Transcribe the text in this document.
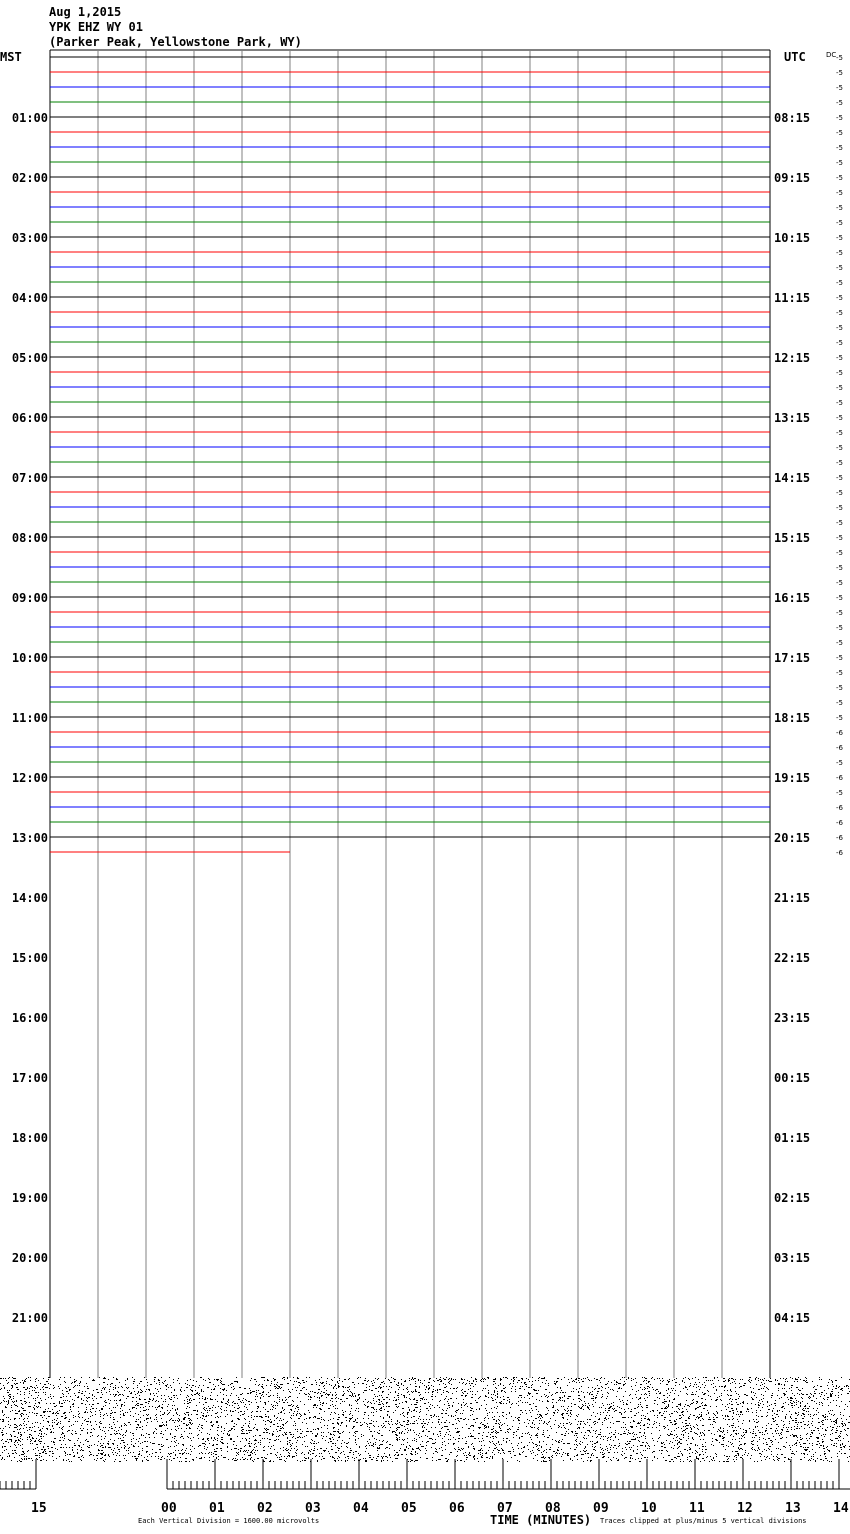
Aug 1,2015
YPK EHZ WY 01
(Parker Peak, Yellowstone Park, WY)
MST	UTC	DC
01:00
02:00
03:00
04:00
05:00
06:00
07:00
08:00
09:00
10:00
11:00
12:00
13:00
14:00
15:00
16:00
17:00
18:00
19:00
20:00
21:00
08:15
09:15
10:15
11:15
12:15
13:15
14:15
15:15
16:15
17:15
18:15
19:15
20:15
21:15
22:15
23:15
00:15
01:15
02:15
03:15
04:15
-5
-5
-5
-5
-5
-5
-5
-5
-5
-5
-5
-5
-5
-5
-5
-5
-5
-5
-5
-5
-5
-5
-5
-5
-5
-5
-5
-5
-5
-5
-5
-5
-5
-5
-5
-5
-5
-5
-5
-5
-5
-5
-5
-5
-5
-6
-6
-5
-6
-5
-6
-6
-6
-6
15	00 01 02 03 04 05 06 07 08 09 10 11 12 13 14
Each Vertical Division = 1600.00 microvolts	TIME (MINUTES) Traces clipped at plus/minus 5 vertical divisions
